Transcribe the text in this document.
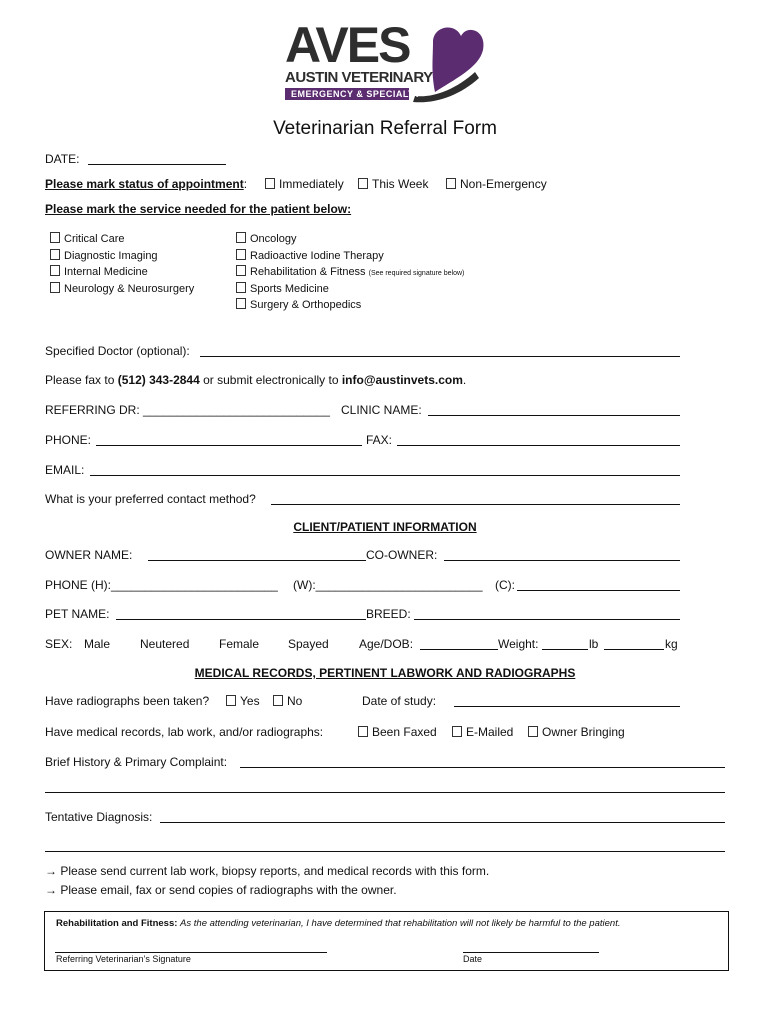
AVES
AUSTIN VETERINARY
EMERGENCY & SPECIALTY
Veterinarian Referral Form
DATE:
Please mark status of appointment:	Immediately	This Week	Non-Emergency
Please mark the service needed for the patient below:
Critical Care
Diagnostic Imaging
Internal Medicine
Neurology & Neurosurgery
Oncology
Radioactive Iodine Therapy
Rehabilitation & Fitness (See required signature below)
Sports Medicine
Surgery & Orthopedics
Specified Doctor (optional):
Please fax to (512) 343-2844 or submit electronically to info@austinvets.com.
REFERRING DR: ____________________________ CLINIC NAME:
PHONE:	FAX:
EMAIL:
What is your preferred contact method?
CLIENT/PATIENT INFORMATION
OWNER NAME:	CO-OWNER:
PHONE (H):_________________________ (W):_________________________ (C):
PET NAME:	BREED:
SEX: Male Neutered Female Spayed	Age/DOB:	Weight:	lb	kg
MEDICAL RECORDS, PERTINENT LABWORK AND RADIOGRAPHS
Have radiographs been taken?	Yes	No	Date of study:
Have medical records, lab work, and/or radiographs:	Been Faxed	E-Mailed	Owner Bringing
Brief History & Primary Complaint:
Tentative Diagnosis:
→ Please send current lab work, biopsy reports, and medical records with this form.
→ Please email, fax or send copies of radiographs with the owner.
Rehabilitation and Fitness: As the attending veterinarian, I have determined that rehabilitation will not likely be harmful to the patient.
Referring Veterinarian’s Signature	Date
